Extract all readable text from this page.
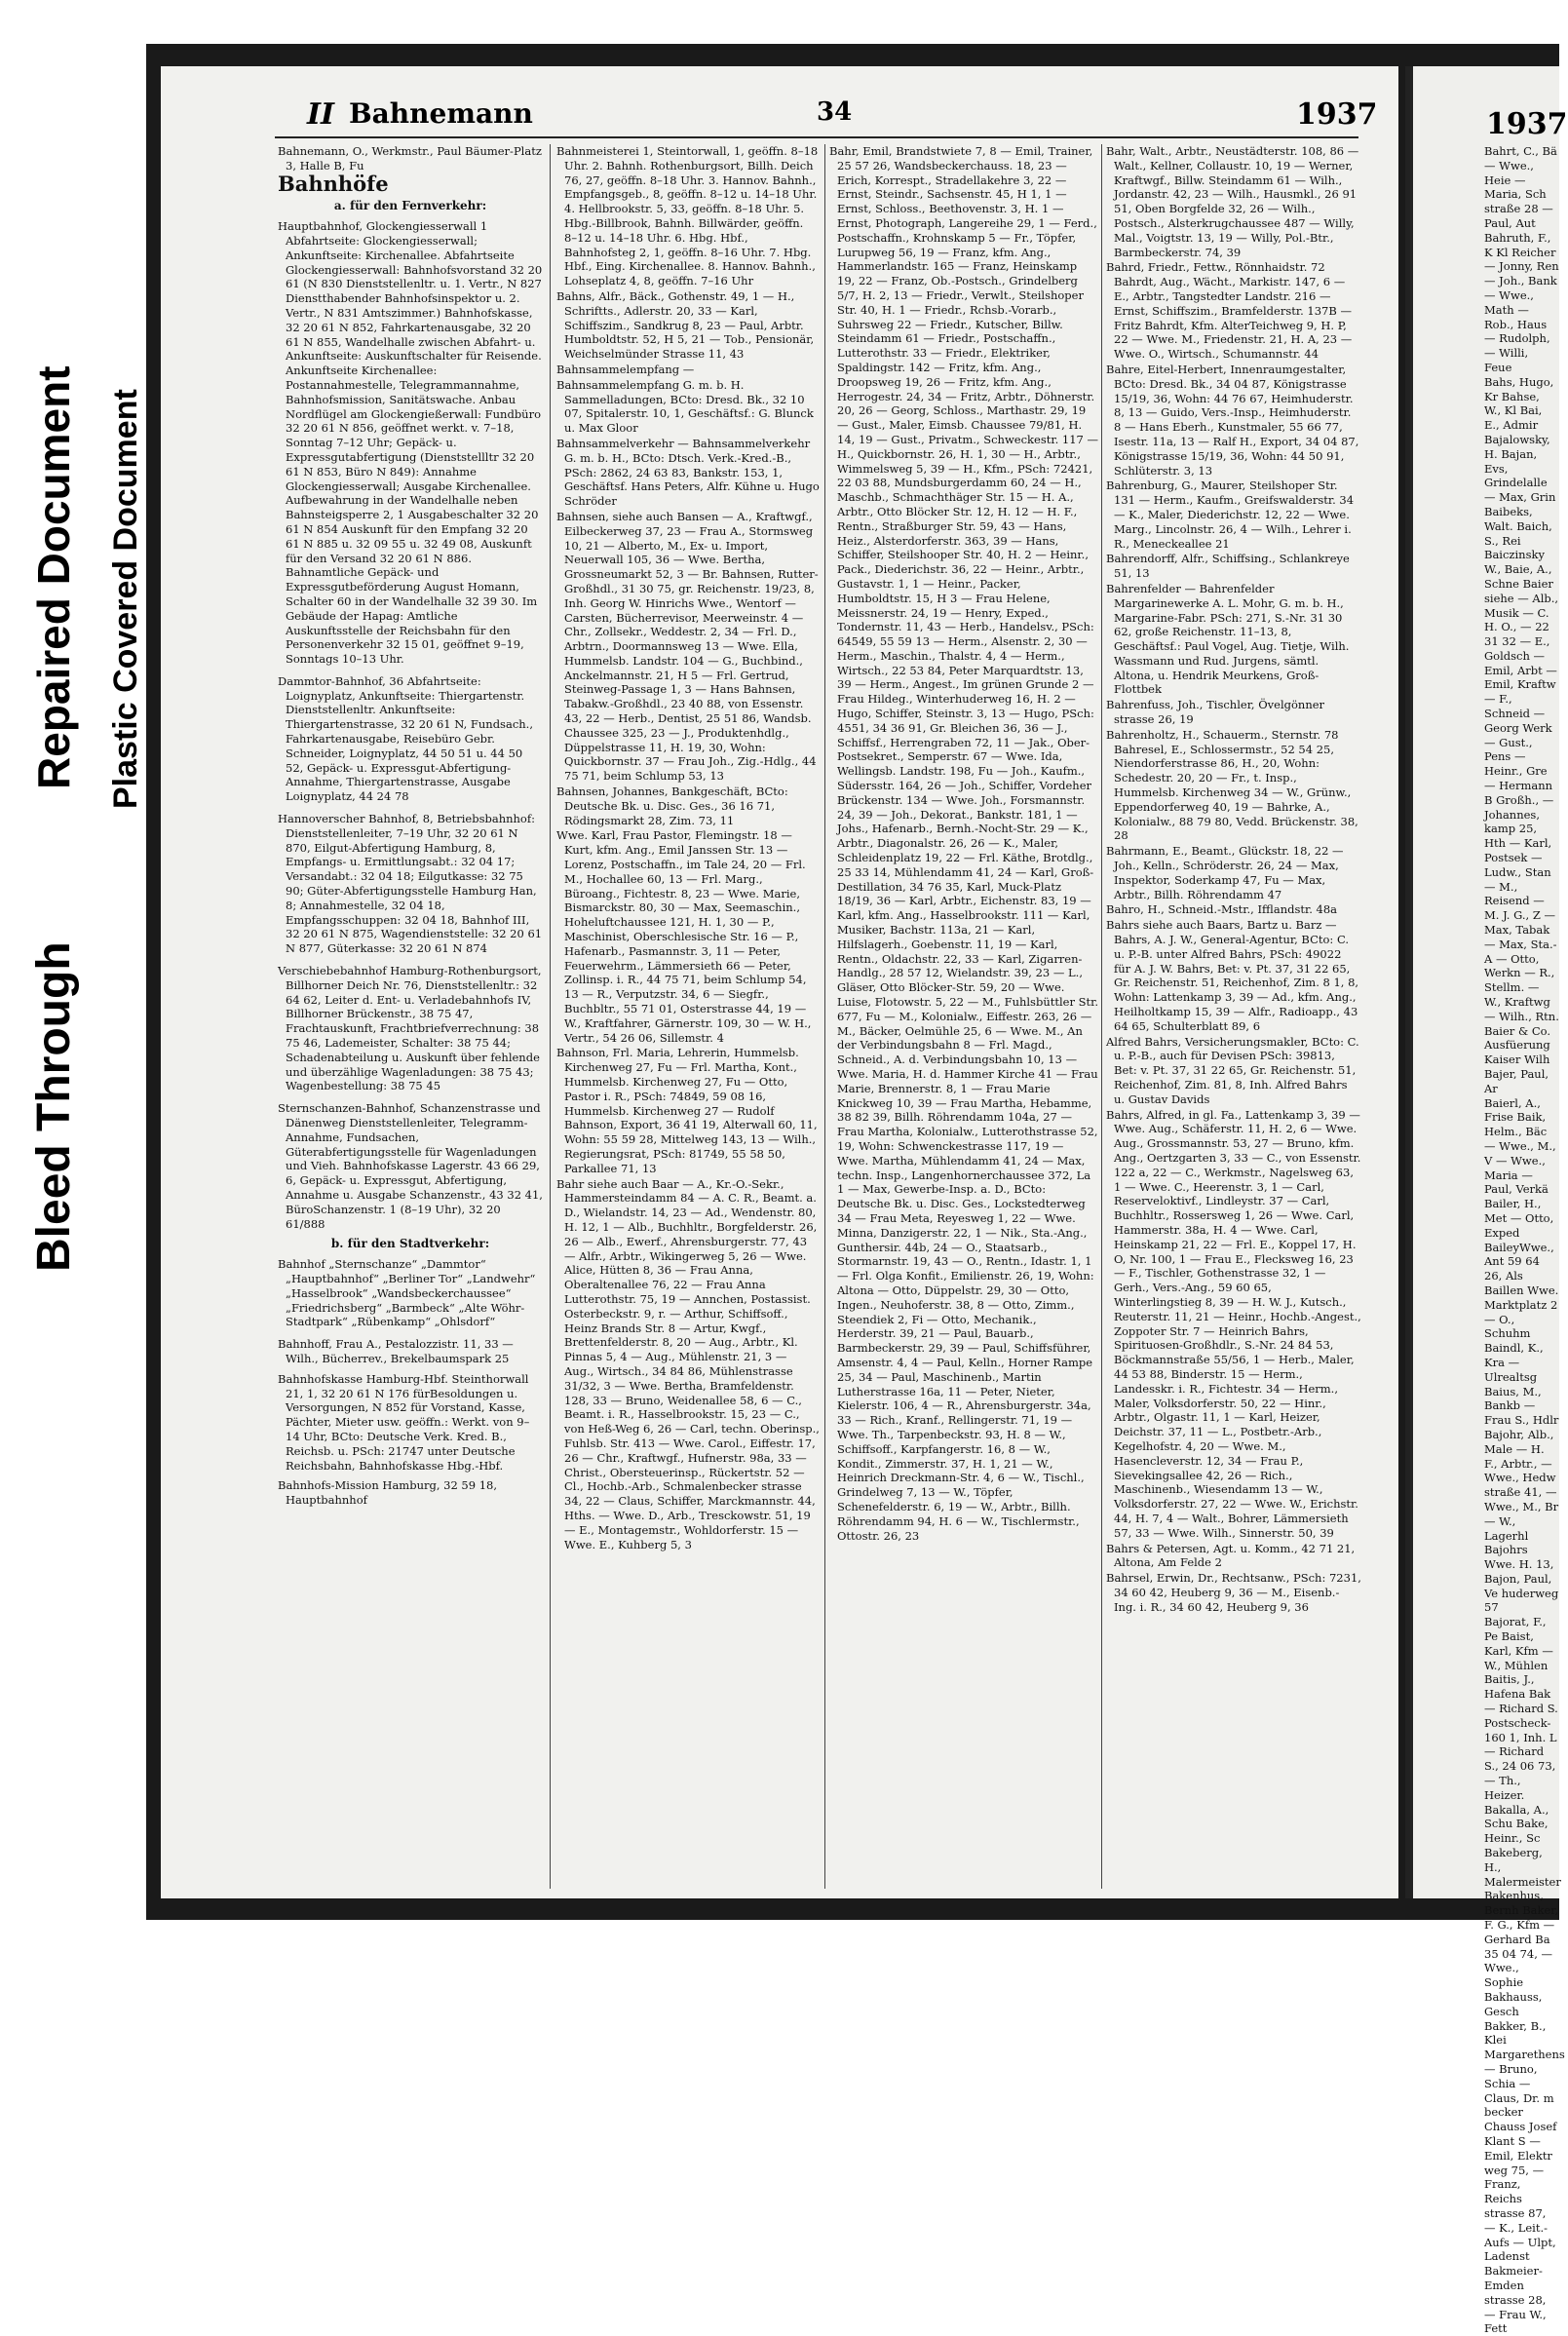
Bleed Through
Repaired Document Plastic Covered Document
II Bahnemann	34	1937	1937

Bahnemann, O., Werkmstr., Paul Bäumer-Platz 3, Halle B, Fu

Bahnhöfe
a. für den Fernverkehr:

Hauptbahnhof, Glockengiesserwall 1 Abfahrtseite: Glockengiesserwall; Ankunftseite: Kirchenallee. Abfahrtseite Glockengiesserwall: Bahnhofsvorstand 32 20 61 (N 830 Dienststellenltr. u. 1. Vertr., N 827 Dienstthabender Bahnhofsinspektor u. 2. Vertr., N 831 Amtszimmer.) Bahnhofskasse, 32 20 61 N 852, Fahrkartenausgabe, 32 20 61 N 855, Wandelhalle zwischen Abfahrt- u. Ankunftseite: Auskunftschalter für Reisende. Ankunftseite Kirchenallee: Postannahmestelle, Telegrammannahme, Bahnhofsmission, Sanitätswache. Anbau Nordflügel am Glockengießerwall: Fundbüro 32 20 61 N 856, geöffnet werkt. v. 7–18, Sonntag 7–12 Uhr; Gepäck- u. Expressgutabfertigung (Dienststellltr 32 20 61 N 853, Büro N 849): Annahme Glockengiesserwall; Ausgabe Kirchenallee. Aufbewahrung in der Wandelhalle neben Bahnsteigsperre 2, 1 Ausgabeschalter 32 20 61 N 854 Auskunft für den Empfang 32 20 61 N 885 u. 32 09 55 u. 32 49 08, Auskunft für den Versand 32 20 61 N 886. Bahnamtliche Gepäck- und Expressgutbeförderung August Homann, Schalter 60 in der Wandelhalle 32 39 30. Im Gebäude der Hapag: Amtliche Auskunftsstelle der Reichsbahn für den Personenverkehr 32 15 01, geöffnet 9–19, Sonntags 10–13 Uhr.

Dammtor-Bahnhof, 36 Abfahrtseite: Loignyplatz, Ankunftseite: Thiergartenstr. Dienststellenltr. Ankunftseite: Thiergartenstrasse, 32 20 61 N, Fundsach., Fahrkartenausgabe, Reisebüro Gebr. Schneider, Loignyplatz, 44 50 51 u. 44 50 52, Gepäck- u. Expressgut-Abfertigung-Annahme, Thiergartenstrasse, Ausgabe Loignyplatz, 44 24 78

Hannoverscher Bahnhof, 8, Betriebsbahnhof: Dienststellenleiter, 7–19 Uhr, 32 20 61 N 870, Eilgut-Abfertigung Hamburg, 8, Empfangs- u. Ermittlungsabt.: 32 04 17; Versandabt.: 32 04 18; Eilgutkasse: 32 75 90; Güter-Abfertigungsstelle Hamburg Han, 8; Annahmestelle, 32 04 18, Empfangsschuppen: 32 04 18, Bahnhof III, 32 20 61 N 875, Wagendienststelle: 32 20 61 N 877, Güterkasse: 32 20 61 N 874

Verschiebebahnhof Hamburg-Rothenburgsort, Billhorner Deich Nr. 76, Dienststellenltr.: 32 64 62, Leiter d. Ent- u. Verladebahnhofs IV, Billhorner Brückenstr., 38 75 47, Frachtauskunft, Frachtbriefverrechnung: 38 75 46, Lademeister, Schalter: 38 75 44; Schadenabteilung u. Auskunft über fehlende und überzählige Wagenladungen: 38 75 43; Wagenbestellung: 38 75 45

Sternschanzen-Bahnhof, Schanzenstrasse und Dänenweg Dienststellenleiter, Telegramm-Annahme, Fundsachen, Güterabfertigungsstelle für Wagenladungen und Vieh. Bahnhofskasse Lagerstr. 43 66 29, 6, Gepäck- u. Expressgut, Abfertigung, Annahme u. Ausgabe Schanzenstr., 43 32 41, BüroSchanzenstr. 1 (8–19 Uhr), 32 20 61/888

b. für den Stadtverkehr:

Bahnhof „Sternschanze“ „Dammtor“ „Hauptbahnhof“ „Berliner Tor“ „Landwehr“ „Hasselbrook“ „Wandsbeckerchaussee“ „Friedrichsberg“ „Barmbeck“ „Alte Wöhr-Stadtpark“ „Rübenkamp“ „Ohlsdorf“

Bahnhoff, Frau A., Pestalozzistr. 11, 33 — Wilh., Bücherrev., Brekelbaumspark 25

Bahnhofskasse Hamburg-Hbf. Steinthorwall 21, 1, 32 20 61 N 176 fürBesoldungen u. Versorgungen, N 852 für Vorstand, Kasse, Pächter, Mieter usw. geöffn.: Werkt. von 9–14 Uhr, BCto: Deutsche Verk. Kred. B., Reichsb. u. PSch: 21747 unter Deutsche Reichsbahn, Bahnhofskasse Hbg.-Hbf.

Bahnhofs-Mission Hamburg, 32 59 18, Hauptbahnhof

Bahnmeisterei 1, Steintorwall, 1, geöffn. 8–18 Uhr. 2. Bahnh. Rothenburgsort, Billh. Deich 76, 27, geöffn. 8–18 Uhr. 3. Hannov. Bahnh., Empfangsgeb., 8, geöffn. 8–12 u. 14–18 Uhr. 4. Hellbrookstr. 5, 33, geöffn. 8–18 Uhr. 5. Hbg.-Billbrook, Bahnh. Billwärder, geöffn. 8–12 u. 14–18 Uhr. 6. Hbg. Hbf., Bahnhofsteg 2, 1, geöffn. 8–16 Uhr. 7. Hbg. Hbf., Eing. Kirchenallee. 8. Hannov. Bahnh., Lohseplatz 4, 8, geöffn. 7–16 Uhr

Bahns, Alfr., Bäck., Gothenstr. 49, 1 — H., Schriftts., Adlerstr. 20, 33 — Karl, Schiffszim., Sandkrug 8, 23 — Paul, Arbtr. Humboldtstr. 52, H 5, 21 — Tob., Pensionär, Weichselmünder Strasse 11, 43

Bahnsammelempfang —

Bahnsammelempfang G. m. b. H. Sammelladungen, BCto: Dresd. Bk., 32 10 07, Spitalerstr. 10, 1, Geschäftsf.: G. Blunck u. Max Gloor

Bahnsammelverkehr — Bahnsammelverkehr G. m. b. H., BCto: Dtsch. Verk.-Kred.-B., PSch: 2862, 24 63 83, Bankstr. 153, 1, Geschäftsf. Hans Peters, Alfr. Kühne u. Hugo Schröder

Bahnsen, siehe auch Bansen — A., Kraftwgf., Eilbeckerweg 37, 23 — Frau A., Stormsweg 10, 21 — Alberto, M., Ex- u. Import, Neuerwall 105, 36 — Wwe. Bertha, Grossneumarkt 52, 3 — Br. Bahnsen, Rutter-Großhdl., 31 30 75, gr. Reichenstr. 19/23, 8, Inh. Georg W. Hinrichs Wwe., Wentorf — Carsten, Bücherrevisor, Meerweinstr. 4 — Chr., Zollsekr., Weddestr. 2, 34 — Frl. D., Arbtrn., Doormannsweg 13 — Wwe. Ella, Hummelsb. Landstr. 104 — G., Buchbind., Anckelmannstr. 21, H 5 — Frl. Gertrud, Steinweg-Passage 1, 3 — Hans Bahnsen, Tabakw.-Großhdl., 23 40 88, von Essenstr. 43, 22 — Herb., Dentist, 25 51 86, Wandsb. Chaussee 325, 23 — J., Produktenhdlg., Düppelstrasse 11, H. 19, 30, Wohn: Quickbornstr. 37 — Frau Joh., Zig.-Hdlg., 44 75 71, beim Schlump 53, 13

Bahnsen, Johannes, Bankgeschäft, BCto: Deutsche Bk. u. Disc. Ges., 36 16 71, Rödingsmarkt 28, Zim. 73, 11

Wwe. Karl, Frau Pastor, Flemingstr. 18 — Kurt, kfm. Ang., Emil Janssen Str. 13 — Lorenz, Postschaffn., im Tale 24, 20 — Frl. M., Hochallee 60, 13 — Frl. Marg., Büroang., Fichtestr. 8, 23 — Wwe. Marie, Bismarckstr. 80, 30 — Max, Seemaschin., Hoheluftchaussee 121, H. 1, 30 — P., Maschinist, Oberschlesische Str. 16 — P., Hafenarb., Pasmannstr. 3, 11 — Peter, Feuerwehrm., Lämmersieth 66 — Peter, Zollinsp. i. R., 44 75 71, beim Schlump 54, 13 — R., Verputzstr. 34, 6 — Siegfr., Buchbltr., 55 71 01, Osterstrasse 44, 19 — W., Kraftfahrer, Gärnerstr. 109, 30 — W. H., Vertr., 54 26 06, Sillemstr. 4

Bahnson, Frl. Maria, Lehrerin, Hummelsb. Kirchenweg 27, Fu — Frl. Martha, Kont., Hummelsb. Kirchenweg 27, Fu — Otto, Pastor i. R., PSch: 74849, 59 08 16, Hummelsb. Kirchenweg 27 — Rudolf Bahnson, Export, 36 41 19, Alterwall 60, 11, Wohn: 55 59 28, Mittelweg 143, 13 — Wilh., Regierungsrat, PSch: 81749, 55 58 50, Parkallee 71, 13

Bahr siehe auch Baar — A., Kr.-O.-Sekr., Hammersteindamm 84 — A. C. R., Beamt. a. D., Wielandstr. 14, 23 — Ad., Wendenstr. 80, H. 12, 1 — Alb., Buchhltr., Borgfelderstr. 26, 26 — Alb., Ewerf., Ahrensburgerstr. 77, 43 — Alfr., Arbtr., Wikingerweg 5, 26 — Wwe. Alice, Hütten 8, 36 — Frau Anna, Oberaltenallee 76, 22 — Frau Anna Lutterothstr. 75, 19 — Annchen, Postassist. Osterbeckstr. 9, r. — Arthur, Schiffsoff., Heinz Brands Str. 8 — Artur, Kwgf., Brettenfelderstr. 8, 20 — Aug., Arbtr., Kl. Pinnas 5, 4 — Aug., Mühlenstr. 21, 3 — Aug., Wirtsch., 34 84 86, Mühlenstrasse 31/32, 3 — Wwe. Bertha, Bramfeldenstr. 128, 33 — Bruno, Weidenallee 58, 6 — C., Beamt. i. R., Hasselbrookstr. 15, 23 — C., von Heß-Weg 6, 26 — Carl, techn. Oberinsp., Fuhlsb. Str. 413 — Wwe. Carol., Eiffestr. 17, 26 — Chr., Kraftwgf., Hufnerstr. 98a, 33 — Christ., Obersteuerinsp., Rückertstr. 52 — Cl., Hochb.-Arb., Schmalenbecker strasse 34, 22 — Claus, Schiffer, Marckmannstr. 44, Hths. — Wwe. D., Arb., Tresckowstr. 51, 19 — E., Montagemstr., Wohldorferstr. 15 — Wwe. E., Kuhberg 5, 3

Bahr, Emil, Brandstwiete 7, 8 — Emil, Trainer, 25 57 26, Wandsbeckerchauss. 18, 23 — Erich, Korrespt., Stradellakehre 3, 22 — Ernst, Steindr., Sachsenstr. 45, H 1, 1 — Ernst, Schloss., Beethovenstr. 3, H. 1 — Ernst, Photograph, Langereihe 29, 1 — Ferd., Postschaffn., Krohnskamp 5 — Fr., Töpfer, Lurupweg 56, 19 — Franz, kfm. Ang., Hammerlandstr. 165 — Franz, Heinskamp 19, 22 — Franz, Ob.-Postsch., Grindelberg 5/7, H. 2, 13 — Friedr., Verwlt., Steilshoper Str. 40, H. 1 — Friedr., Rchsb.-Vorarb., Suhrsweg 22 — Friedr., Kutscher, Billw. Steindamm 61 — Friedr., Postschaffn., Lutterothstr. 33 — Friedr., Elektriker, Spaldingstr. 142 — Fritz, kfm. Ang., Droopsweg 19, 26 — Fritz, kfm. Ang., Herrogestr. 24, 34 — Fritz, Arbtr., Döhnerstr. 20, 26 — Georg, Schloss., Marthastr. 29, 19 — Gust., Maler, Eimsb. Chaussee 79/81, H. 14, 19 — Gust., Privatm., Schweckestr. 117 — H., Quickbornstr. 26, H. 1, 30 — H., Arbtr., Wimmelsweg 5, 39 — H., Kfm., PSch: 72421, 22 03 88, Mundsburgerdamm 60, 24 — H., Maschb., Schmachthäger Str. 15 — H. A., Arbtr., Otto Blöcker Str. 12, H. 12 — H. F., Rentn., Straßburger Str. 59, 43 — Hans, Heiz., Alsterdorferstr. 363, 39 — Hans, Schiffer, Steilshooper Str. 40, H. 2 — Heinr., Pack., Diederichstr. 36, 22 — Heinr., Arbtr., Gustavstr. 1, 1 — Heinr., Packer, Humboldtstr. 15, H 3 — Frau Helene, Meissnerstr. 24, 19 — Henry, Exped., Tondernstr. 11, 43 — Herb., Handelsv., PSch: 64549, 55 59 13 — Herm., Alsenstr. 2, 30 — Herm., Maschin., Thalstr. 4, 4 — Herm., Wirtsch., 22 53 84, Peter Marquardtstr. 13, 39 — Herm., Angest., Im grünen Grunde 2 — Frau Hildeg., Winterhuderweg 16, H. 2 — Hugo, Schiffer, Steinstr. 3, 13 — Hugo, PSch: 4551, 34 36 91, Gr. Bleichen 36, 36 — J., Schiffsf., Herrengraben 72, 11 — Jak., Ober-Postsekret., Semperstr. 67 — Wwe. Ida, Wellingsb. Landstr. 198, Fu — Joh., Kaufm., Südersstr. 164, 26 — Joh., Schiffer, Vordeher Brückenstr. 134 — Wwe. Joh., Forsmannstr. 24, 39 — Joh., Dekorat., Bankstr. 181, 1 — Johs., Hafenarb., Bernh.-Nocht-Str. 29 — K., Arbtr., Diagonalstr. 26, 26 — K., Maler, Schleidenplatz 19, 22 — Frl. Käthe, Brotdlg., 25 33 14, Mühlendamm 41, 24 — Karl, Groß-Destillation, 34 76 35, Karl, Muck-Platz 18/19, 36 — Karl, Arbtr., Eichenstr. 83, 19 — Karl, kfm. Ang., Hasselbrookstr. 111 — Karl, Musiker, Bachstr. 113a, 21 — Karl, Hilfslagerh., Goebenstr. 11, 19 — Karl, Rentn., Oldachstr. 22, 33 — Karl, Zigarren-Handlg., 28 57 12, Wielandstr. 39, 23 — L., Gläser, Otto Blöcker-Str. 59, 20 — Wwe. Luise, Flotowstr. 5, 22 — M., Fuhlsbüttler Str. 677, Fu — M., Kolonialw., Eiffestr. 263, 26 — M., Bäcker, Oelmühle 25, 6 — Wwe. M., An der Verbindungsbahn 8 — Frl. Magd., Schneid., A. d. Verbindungsbahn 10, 13 — Wwe. Maria, H. d. Hammer Kirche 41 — Frau Marie, Brennerstr. 8, 1 — Frau Marie Knickweg 10, 39 — Frau Martha, Hebamme, 38 82 39, Billh. Röhrendamm 104a, 27 — Frau Martha, Kolonialw., Lutterothstrasse 52, 19, Wohn: Schwenckestrasse 117, 19 — Wwe. Martha, Mühlendamm 41, 24 — Max, techn. Insp., Langenhornerchaussee 372, La 1 — Max, Gewerbe-Insp. a. D., BCto: Deutsche Bk. u. Disc. Ges., Lockstedterweg 34 — Frau Meta, Reyesweg 1, 22 — Wwe. Minna, Danzigerstr. 22, 1 — Nik., Sta.-Ang., Gunthersir. 44b, 24 — O., Staatsarb., Stormarnstr. 19, 43 — O., Rentn., Idastr. 1, 1 — Frl. Olga Konfit., Emilienstr. 26, 19, Wohn: Altona — Otto, Düppelstr. 29, 30 — Otto, Ingen., Neuhoferstr. 38, 8 — Otto, Zimm., Steendiek 2, Fi — Otto, Mechanik., Herderstr. 39, 21 — Paul, Bauarb., Barmbeckerstr. 29, 39 — Paul, Schiffsführer, Amsenstr. 4, 4 — Paul, Kelln., Horner Rampe 25, 34 — Paul, Maschinenb., Martin Lutherstrasse 16a, 11 — Peter, Nieter, Kielerstr. 106, 4 — R., Ahrensburgerstr. 34a, 33 — Rich., Kranf., Rellingerstr. 71, 19 — Wwe. Th., Tarpenbeckstr. 93, H. 8 — W., Schiffsoff., Karpfangerstr. 16, 8 — W., Kondit., Zimmerstr. 37, H. 1, 21 — W., Heinrich Dreckmann-Str. 4, 6 — W., Tischl., Grindelweg 7, 13 — W., Töpfer, Schenefelderstr. 6, 19 — W., Arbtr., Billh. Röhrendamm 94, H. 6 — W., Tischlermstr., Ottostr. 26, 23

Bahr, Walt., Arbtr., Neustädterstr. 108, 86 — Walt., Kellner, Collaustr. 10, 19 — Werner, Kraftwgf., Billw. Steindamm 61 — Wilh., Jordanstr. 42, 23 — Wilh., Hausmkl., 26 91 51, Oben Borgfelde 32, 26 — Wilh., Postsch., Alsterkrugchaussee 487 — Willy, Mal., Voigtstr. 13, 19 — Willy, Pol.-Btr., Barmbeckerstr. 74, 39

Bahrd, Friedr., Fettw., Rönnhaidstr. 72 Bahrdt, Aug., Wächt., Markistr. 147, 6 — E., Arbtr., Tangstedter Landstr. 216 — Ernst, Schiffszim., Bramfelderstr. 137B — Fritz Bahrdt, Kfm. AlterTeichweg 9, H. P, 22 — Wwe. M., Friedenstr. 21, H. A, 23 — Wwe. O., Wirtsch., Schumannstr. 44

Bahre, Eitel-Herbert, Innenraumgestalter, BCto: Dresd. Bk., 34 04 87, Königstrasse 15/19, 36, Wohn: 44 76 67, Heimhuderstr. 8, 13 — Guido, Vers.-Insp., Heimhuderstr. 8 — Hans Eberh., Kunstmaler, 55 66 77, Isestr. 11a, 13 — Ralf H., Export, 34 04 87, Königstrasse 15/19, 36, Wohn: 44 50 91, Schlüterstr. 3, 13

Bahrenburg, G., Maurer, Steilshoper Str. 131 — Herm., Kaufm., Greifswalderstr. 34 — K., Maler, Diederichstr. 12, 22 — Wwe. Marg., Lincolnstr. 26, 4 — Wilh., Lehrer i. R., Meneckeallee 21

Bahrendorff, Alfr., Schiffsing., Schlankreye 51, 13

Bahrenfelder — Bahrenfelder Margarinewerke A. L. Mohr, G. m. b. H., Margarine-Fabr. PSch: 271, S.-Nr. 31 30 62, große Reichenstr. 11–13, 8, Geschäftsf.: Paul Vogel, Aug. Tietje, Wilh. Wassmann und Rud. Jurgens, sämtl. Altona, u. Hendrik Meurkens, Groß-Flottbek

Bahrenfuss, Joh., Tischler, Övelgönner strasse 26, 19

Bahrenholtz, H., Schauerm., Sternstr. 78 Bahresel, E., Schlossermstr., 52 54 25, Niendorferstrasse 86, H., 20, Wohn: Schedestr. 20, 20 — Fr., t. Insp., Hummelsb. Kirchenweg 34 — W., Grünw., Eppendorferweg 40, 19 — Bahrke, A., Kolonialw., 88 79 80, Vedd. Brückenstr. 38, 28

Bahrmann, E., Beamt., Glückstr. 18, 22 — Joh., Kelln., Schröderstr. 26, 24 — Max, Inspektor, Soderkamp 47, Fu — Max, Arbtr., Billh. Röhrendamm 47

Bahro, H., Schneid.-Mstr., Ifflandstr. 48a

Bahrs siehe auch Baars, Bartz u. Barz — Bahrs, A. J. W., General-Agentur, BCto: C. u. P.-B. unter Alfred Bahrs, PSch: 49022 für A. J. W. Bahrs, Bet: v. Pt. 37, 31 22 65, Gr. Reichenstr. 51, Reichenhof, Zim. 8 1, 8, Wohn: Lattenkamp 3, 39 — Ad., kfm. Ang., Heilholtkamp 15, 39 — Alfr., Radioapp., 43 64 65, Schulterblatt 89, 6

Alfred Bahrs, Versicherungsmakler, BCto: C. u. P.-B., auch für Devisen PSch: 39813, Bet: v. Pt. 37, 31 22 65, Gr. Reichenstr. 51, Reichenhof, Zim. 81, 8, Inh. Alfred Bahrs u. Gustav Davids

Bahrs, Alfred, in gl. Fa., Lattenkamp 3, 39 — Wwe. Aug., Schäferstr. 11, H. 2, 6 — Wwe. Aug., Grossmannstr. 53, 27 — Bruno, kfm. Ang., Oertzgarten 3, 33 — C., von Essenstr. 122 a, 22 — C., Werkmstr., Nagelsweg 63, 1 — Wwe. C., Heerenstr. 3, 1 — Carl, Reserveloktivf., Lindleystr. 37 — Carl, Buchhltr., Rossersweg 1, 26 — Wwe. Carl, Hammerstr. 38a, H. 4 — Wwe. Carl, Heinskamp 21, 22 — Frl. E., Koppel 17, H. O, Nr. 100, 1 — Frau E., Flecksweg 16, 23 — F., Tischler, Gothenstrasse 32, 1 — Gerh., Vers.-Ang., 59 60 65, Winterlingstieg 8, 39 — H. W. J., Kutsch., Reuterstr. 11, 21 — Heinr., Hochb.-Angest., Zoppoter Str. 7 — Heinrich Bahrs, Spirituosen-Großhdlr., S.-Nr. 24 84 53, Böckmannstraße 55/56, 1 — Herb., Maler, 44 53 88, Binderstr. 15 — Herm., Landesskr. i. R., Fichtestr. 34 — Herm., Maler, Volksdorferstr. 50, 22 — Hinr., Arbtr., Olgastr. 11, 1 — Karl, Heizer, Deichstr. 37, 11 — L., Postbetr.-Arb., Kegelhofstr. 4, 20 — Wwe. M., Hasencleverstr. 12, 34 — Frau P., Sievekingsallee 42, 26 — Rich., Maschinenb., Wiesendamm 13 — W., Volksdorferstr. 27, 22 — Wwe. W., Erichstr. 44, H. 7, 4 — Walt., Bohrer, Lämmersieth 57, 33 — Wwe. Wilh., Sinnerstr. 50, 39

Bahrs & Petersen, Agt. u. Komm., 42 71 21, Altona, Am Felde 2

Bahrsel, Erwin, Dr., Rechtsanw., PSch: 7231, 34 60 42, Heuberg 9, 36 — M., Eisenb.-Ing. i. R., 34 60 42, Heuberg 9, 36

Bahrt, C., Bä — Wwe., Heie — Maria, Sch straße 28 — Paul, Aut

Bahruth, F., K Kl Reicher — Jonny, Ren — Joh., Bank — Wwe., Math — Rob., Haus — Rudolph, — Willi, Feue

Bahs, Hugo, Kr Bahse, W., Kl Bai, E., Admir Bajalowsky, H. Bajan, Evs, Grindelalle — Max, Grin

Baibeks, Walt. Baich, S., Rei Baiczinsky W., Baie, A., Schne Baier siehe — Alb., Musik — C. H. O., — 22 31 32 — E., Goldsch — Emil, Arbt — Emil, Kraftw — F., Schneid — Georg Werk — Gust., Pens — Heinr., Gre — Hermann B Großh., — Johannes, kamp 25, Hth — Karl, Postsek — Ludw., Stan — M., Reisend — M. J. G., Z — Max, Tabak — Max, Sta.-A — Otto, Werkn — R., Stellm. — W., Kraftwg — Wilh., Rtn.

Baier & Co. Ausfüerung Kaiser Wilh

Bajer, Paul, Ar

Baierl, A., Frise Baik, Helm., Bäc — Wwe., M., V — Wwe., Maria — Paul, Verkä Bailer, H., Met — Otto, Exped BaileyWwe., Ant 59 64 26, Als

Baillen Wwe. Marktplatz 2 — O., Schuhm Baindl, K., Kra — Ulrealtsg Baius, M., Bankb — Frau S., Hdlr

Bajohr, Alb., Male — H. F., Arbtr., — Wwe., Hedw straße 41, — Wwe., M., Br — W., Lagerhl Bajohrs Wwe. H. 13, Bajon, Paul, Ve huderweg 57

Bajorat, F., Pe Baist, Karl, Kfm — W., Mühlen Baitis, J., Hafena Bak — Richard S. Postscheck-160 1, Inh. L — Richard S., 24 06 73, — Th., Heizer. Bakalla, A., Schu Bake, Heinr., Sc

Bakeberg, H., Malermeister Bakenhus, Bernh Baker, F. G., Kfm — Gerhard Ba 35 04 74, — Wwe., Sophie Bakhauss, Gesch

Bakker, B., Klei Margarethens — Bruno, Schia — Claus, Dr. m becker Chauss Josef Klant S — Emil, Elektr weg 75, — Franz, Reichs strasse 87, — K., Leit.-Aufs — Ulpt, Ladenst

Bakmeier-Emden strasse 28, — Frau W., Fett
